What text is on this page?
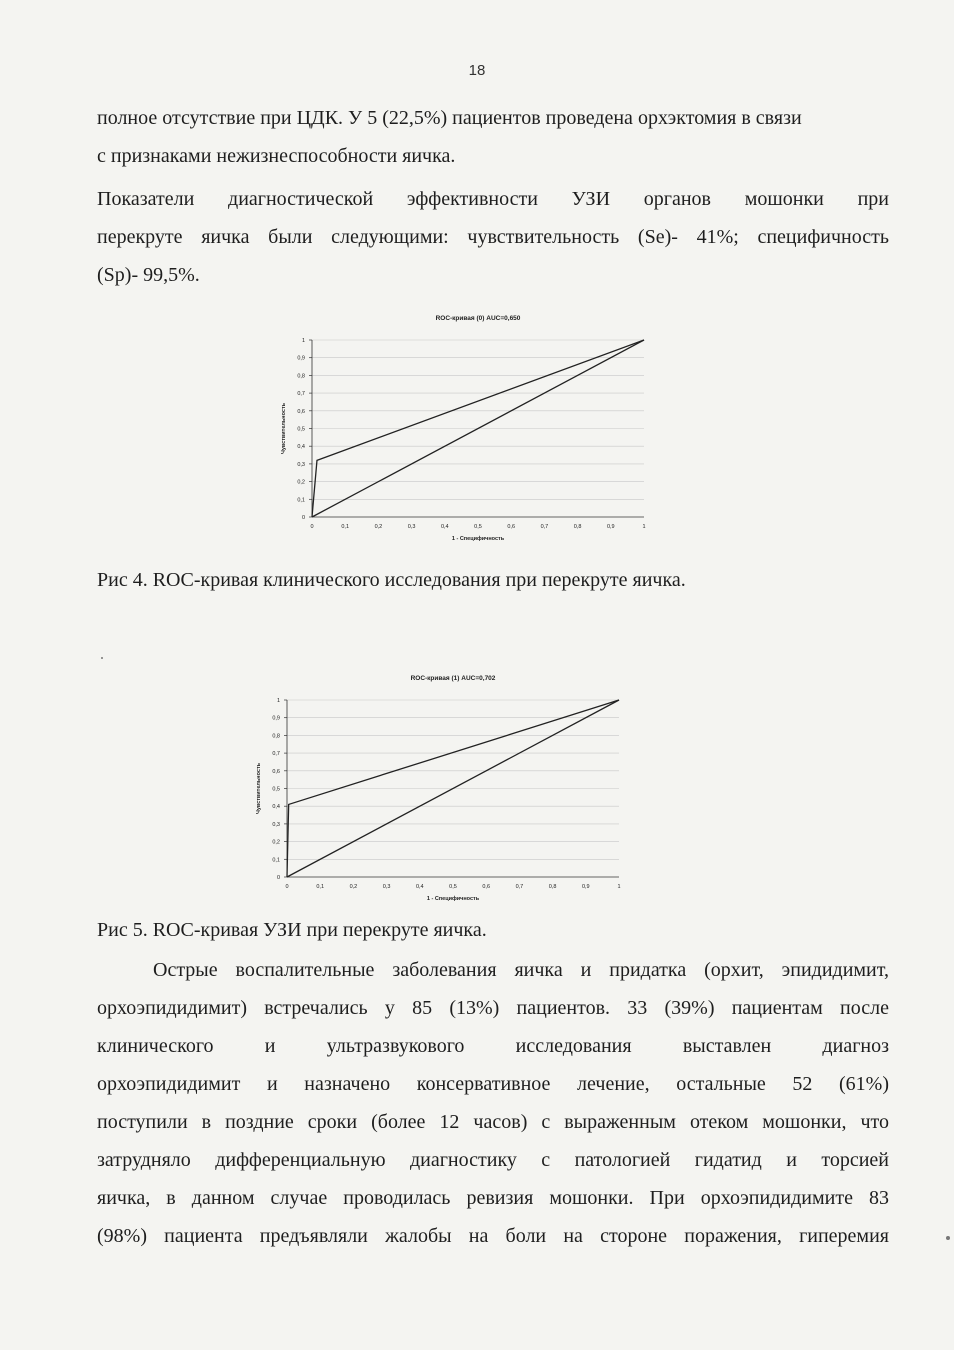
18
полное отсутствие при ЦДК. У 5 (22,5%) пациентов проведена орхэктомия в связи
с признаками нежизнеспособности яичка.
Показатели диагностической эффективности УЗИ органов мошонки при
перекруте яичка были следующими: чувствительность (Se)- 41%; специфичность
(Sp)- 99,5%.
ROC-кривая (0) AUC=0,650
0
0,1
0,2
0,3
0,4
0,5
0,6
0,7
0,8
0,9
1
0	0,1	0,2	0,3	0,4	0,5	0,6	0,7	0,8	0,9	1
1 - Специфичность
Чувствительность

Рис 4. ROC-кривая клинического исследования при перекруте яичка.

ROC-кривая (1) AUC=0,702
0
0,1
0,2
0,3
0,4
0,5
0,6
0,7
0,8
0,9
1
0	0,1	0,2	0,3	0,4	0,5	0,6	0,7	0,8	0,9	1
1 - Специфичность
Чувствительность

Рис 5. ROC-кривая УЗИ при перекруте яичка.

Острые воспалительные заболевания яичка и придатка (орхит, эпидидимит,
орхоэпидидимит) встречались у 85 (13%) пациентов. 33 (39%) пациентам после
клинического и ультразвукового исследования выставлен диагноз
орхоэпидидимит и назначено консервативное лечение, остальные 52 (61%)
поступили в поздние сроки (более 12 часов) с выраженным отеком мошонки, что
затрудняло дифференциальную диагностику с патологией гидатид и торсией
яичка, в данном случае проводилась ревизия мошонки. При орхоэпидидимите 83
(98%) пациента предъявляли жалобы на боли на стороне поражения, гиперемия
